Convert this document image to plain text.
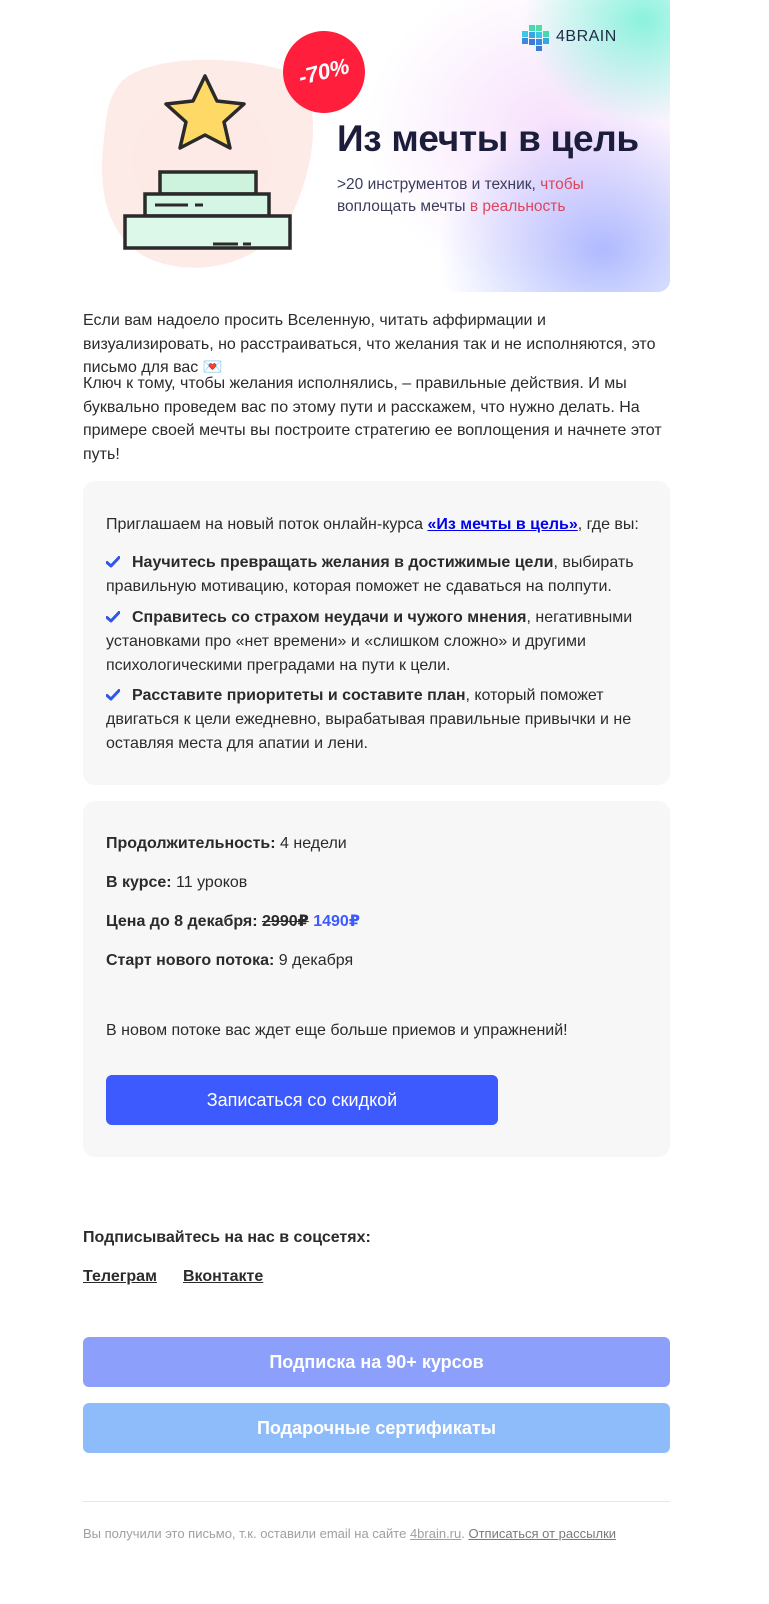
-70%
4BRAIN
Из мечты в цель
>20 инструментов и техник, чтобы
воплощать мечты в реальность
Если вам надоело просить Вселенную, читать аффирмации и визуализировать, но расстраиваться, что желания так и не исполняются, это письмо для вас 💌
Ключ к тому, чтобы желания исполнялись, – правильные действия. И мы буквально проведем вас по этому пути и расскажем, что нужно делать. На примере своей мечты вы построите стратегию ее воплощения и начнете этот путь!
Приглашаем на новый поток онлайн-курса «Из мечты в цель», где вы:
Научитесь превращать желания в достижимые цели, выбирать правильную мотивацию, которая поможет не сдаваться на полпути.
Справитесь со страхом неудачи и чужого мнения, негативными установками про «нет времени» и «слишком сложно» и другими психологическими преградами на пути к цели.
Расставите приоритеты и составите план, который поможет двигаться к цели ежедневно, вырабатывая правильные привычки и не оставляя места для апатии и лени.
Продолжительность: 4 недели
В курсе: 11 уроков
Цена до 8 декабря: 2990₽ 1490₽
Старт нового потока: 9 декабря
В новом потоке вас ждет еще больше приемов и упражнений!
Записаться со скидкой
Подписывайтесь на нас в соцсетях:
Телеграм Вконтакте
Подписка на 90+ курсов
Подарочные сертификаты
Вы получили это письмо, т.к. оставили email на сайте 4brain.ru. Отписаться от рассылки
